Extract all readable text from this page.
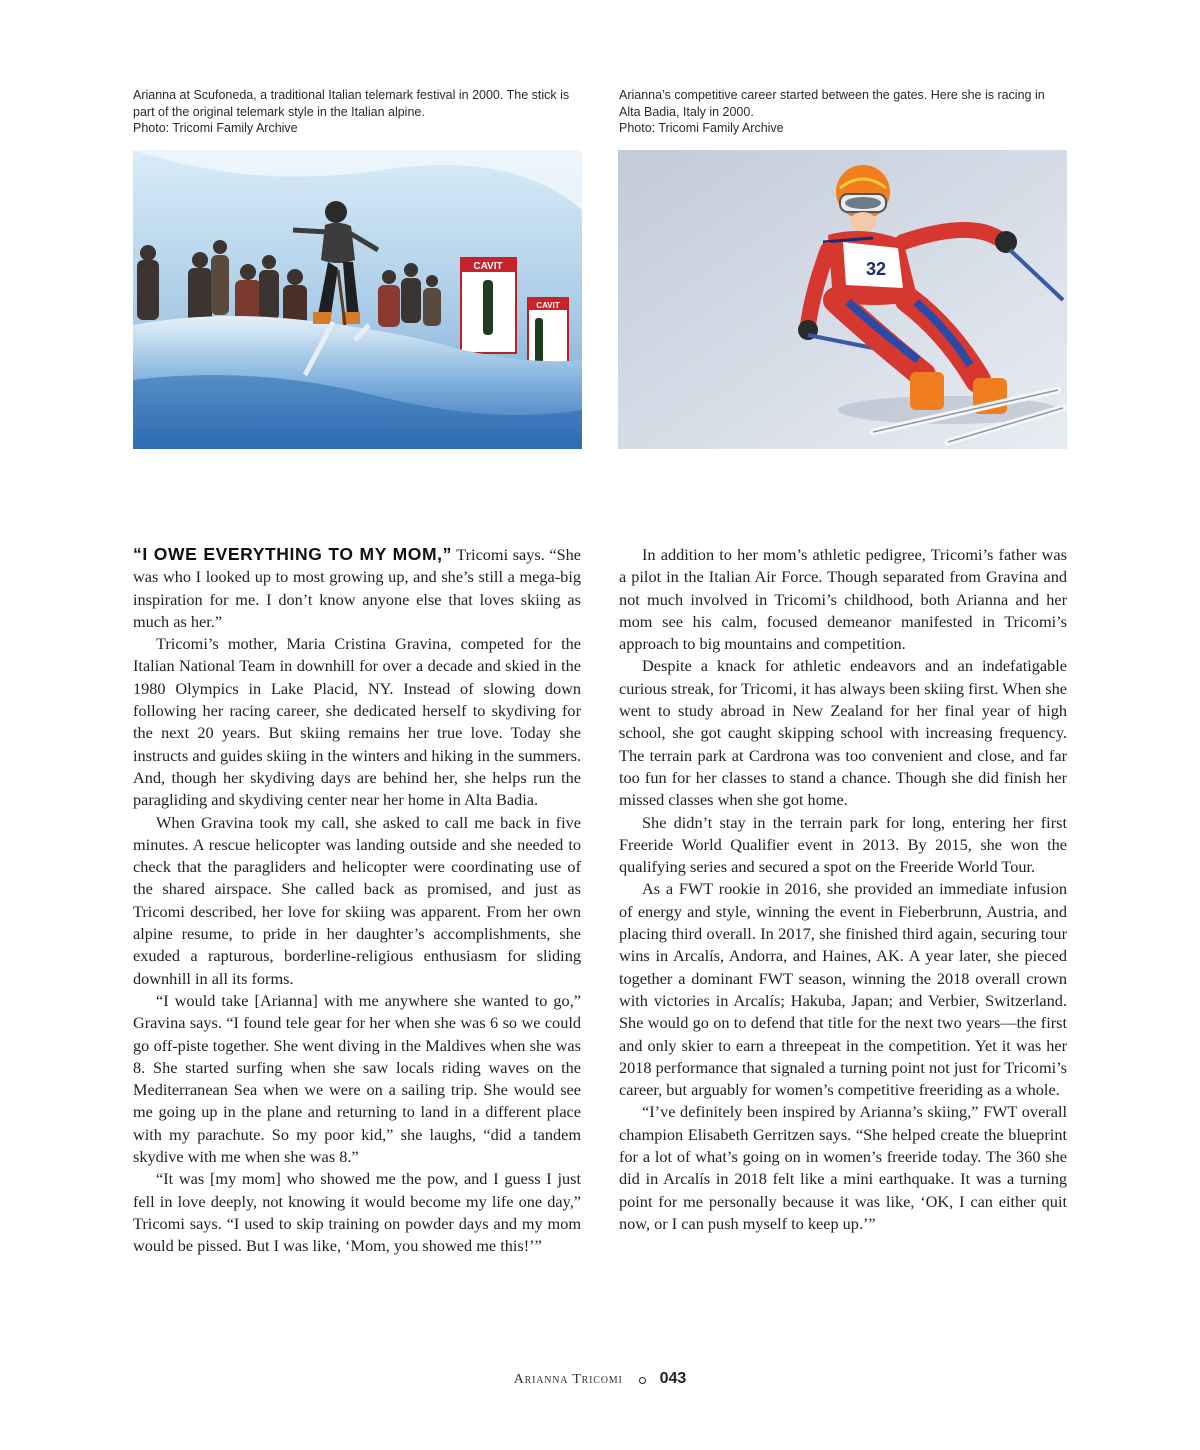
Arianna at Scufoneda, a traditional Italian telemark festival in 2000. The stick is part of the original telemark style in the Italian alpine.

Photo: Tricomi Family Archive

Arianna’s competitive career started between the gates. Here she is racing in Alta Badia, Italy in 2000.

Photo: Tricomi Family Archive

CAVIT
CAVIT
32

“I OWE EVERYTHING TO MY MOM,” Tricomi says. “She was who I looked up to most growing up, and she’s still a mega-big inspiration for me. I don’t know anyone else that loves skiing as much as her.”

Tricomi’s mother, Maria Cristina Gravina, competed for the Italian National Team in downhill for over a decade and skied in the 1980 Olympics in Lake Placid, NY. Instead of slowing down following her racing career, she dedicated herself to skydiving for the next 20 years. But skiing remains her true love. Today she instructs and guides skiing in the winters and hiking in the summers. And, though her skydiving days are behind her, she helps run the paragliding and skydiving center near her home in Alta Badia.

When Gravina took my call, she asked to call me back in five minutes. A rescue helicopter was landing outside and she needed to check that the paragliders and helicopter were coordinating use of the shared airspace. She called back as promised, and just as Tricomi described, her love for skiing was apparent. From her own alpine resume, to pride in her daughter’s accomplishments, she exuded a rapturous, borderline-religious enthusiasm for sliding downhill in all its forms.

“I would take [Arianna] with me anywhere she wanted to go,” Gravina says. “I found tele gear for her when she was 6 so we could go off-piste together. She went diving in the Maldives when she was 8. She started surfing when she saw locals riding waves on the Mediterranean Sea when we were on a sailing trip. She would see me going up in the plane and returning to land in a different place with my parachute. So my poor kid,” she laughs, “did a tandem skydive with me when she was 8.”

“It was [my mom] who showed me the pow, and I guess I just fell in love deeply, not knowing it would become my life one day,” Tricomi says. “I used to skip training on powder days and my mom would be pissed. But I was like, ‘Mom, you showed me this!’”

In addition to her mom’s athletic pedigree, Tricomi’s father was a pilot in the Italian Air Force. Though separated from Gravina and not much involved in Tricomi’s childhood, both Arianna and her mom see his calm, focused demeanor manifested in Tricomi’s approach to big mountains and competition.

Despite a knack for athletic endeavors and an indefatigable curious streak, for Tricomi, it has always been skiing first. When she went to study abroad in New Zealand for her final year of high school, she got caught skipping school with increasing frequency. The terrain park at Cardrona was too convenient and close, and far too fun for her classes to stand a chance. Though she did finish her missed classes when she got home.

She didn’t stay in the terrain park for long, entering her first Freeride World Qualifier event in 2013. By 2015, she won the qualifying series and secured a spot on the Freeride World Tour.

As a FWT rookie in 2016, she provided an immediate infusion of energy and style, winning the event in Fieberbrunn, Austria, and placing third overall. In 2017, she finished third again, securing tour wins in Arcalís, Andorra, and Haines, AK. A year later, she pieced together a dominant FWT season, winning the 2018 overall crown with victories in Arcalís; Hakuba, Japan; and Verbier, Switzerland. She would go on to defend that title for the next two years—the first and only skier to earn a threepeat in the competition. Yet it was her 2018 performance that signaled a turning point not just for Tricomi’s career, but arguably for women’s competitive freeriding as a whole.

“I’ve definitely been inspired by Arianna’s skiing,” FWT overall champion Elisabeth Gerritzen says. “She helped create the blueprint for a lot of what’s going on in women’s freeride today. The 360 she did in Arcalís in 2018 felt like a mini earthquake. It was a turning point for me personally because it was like, ‘OK, I can either quit now, or I can push myself to keep up.’”

Arianna Tricomi 043
